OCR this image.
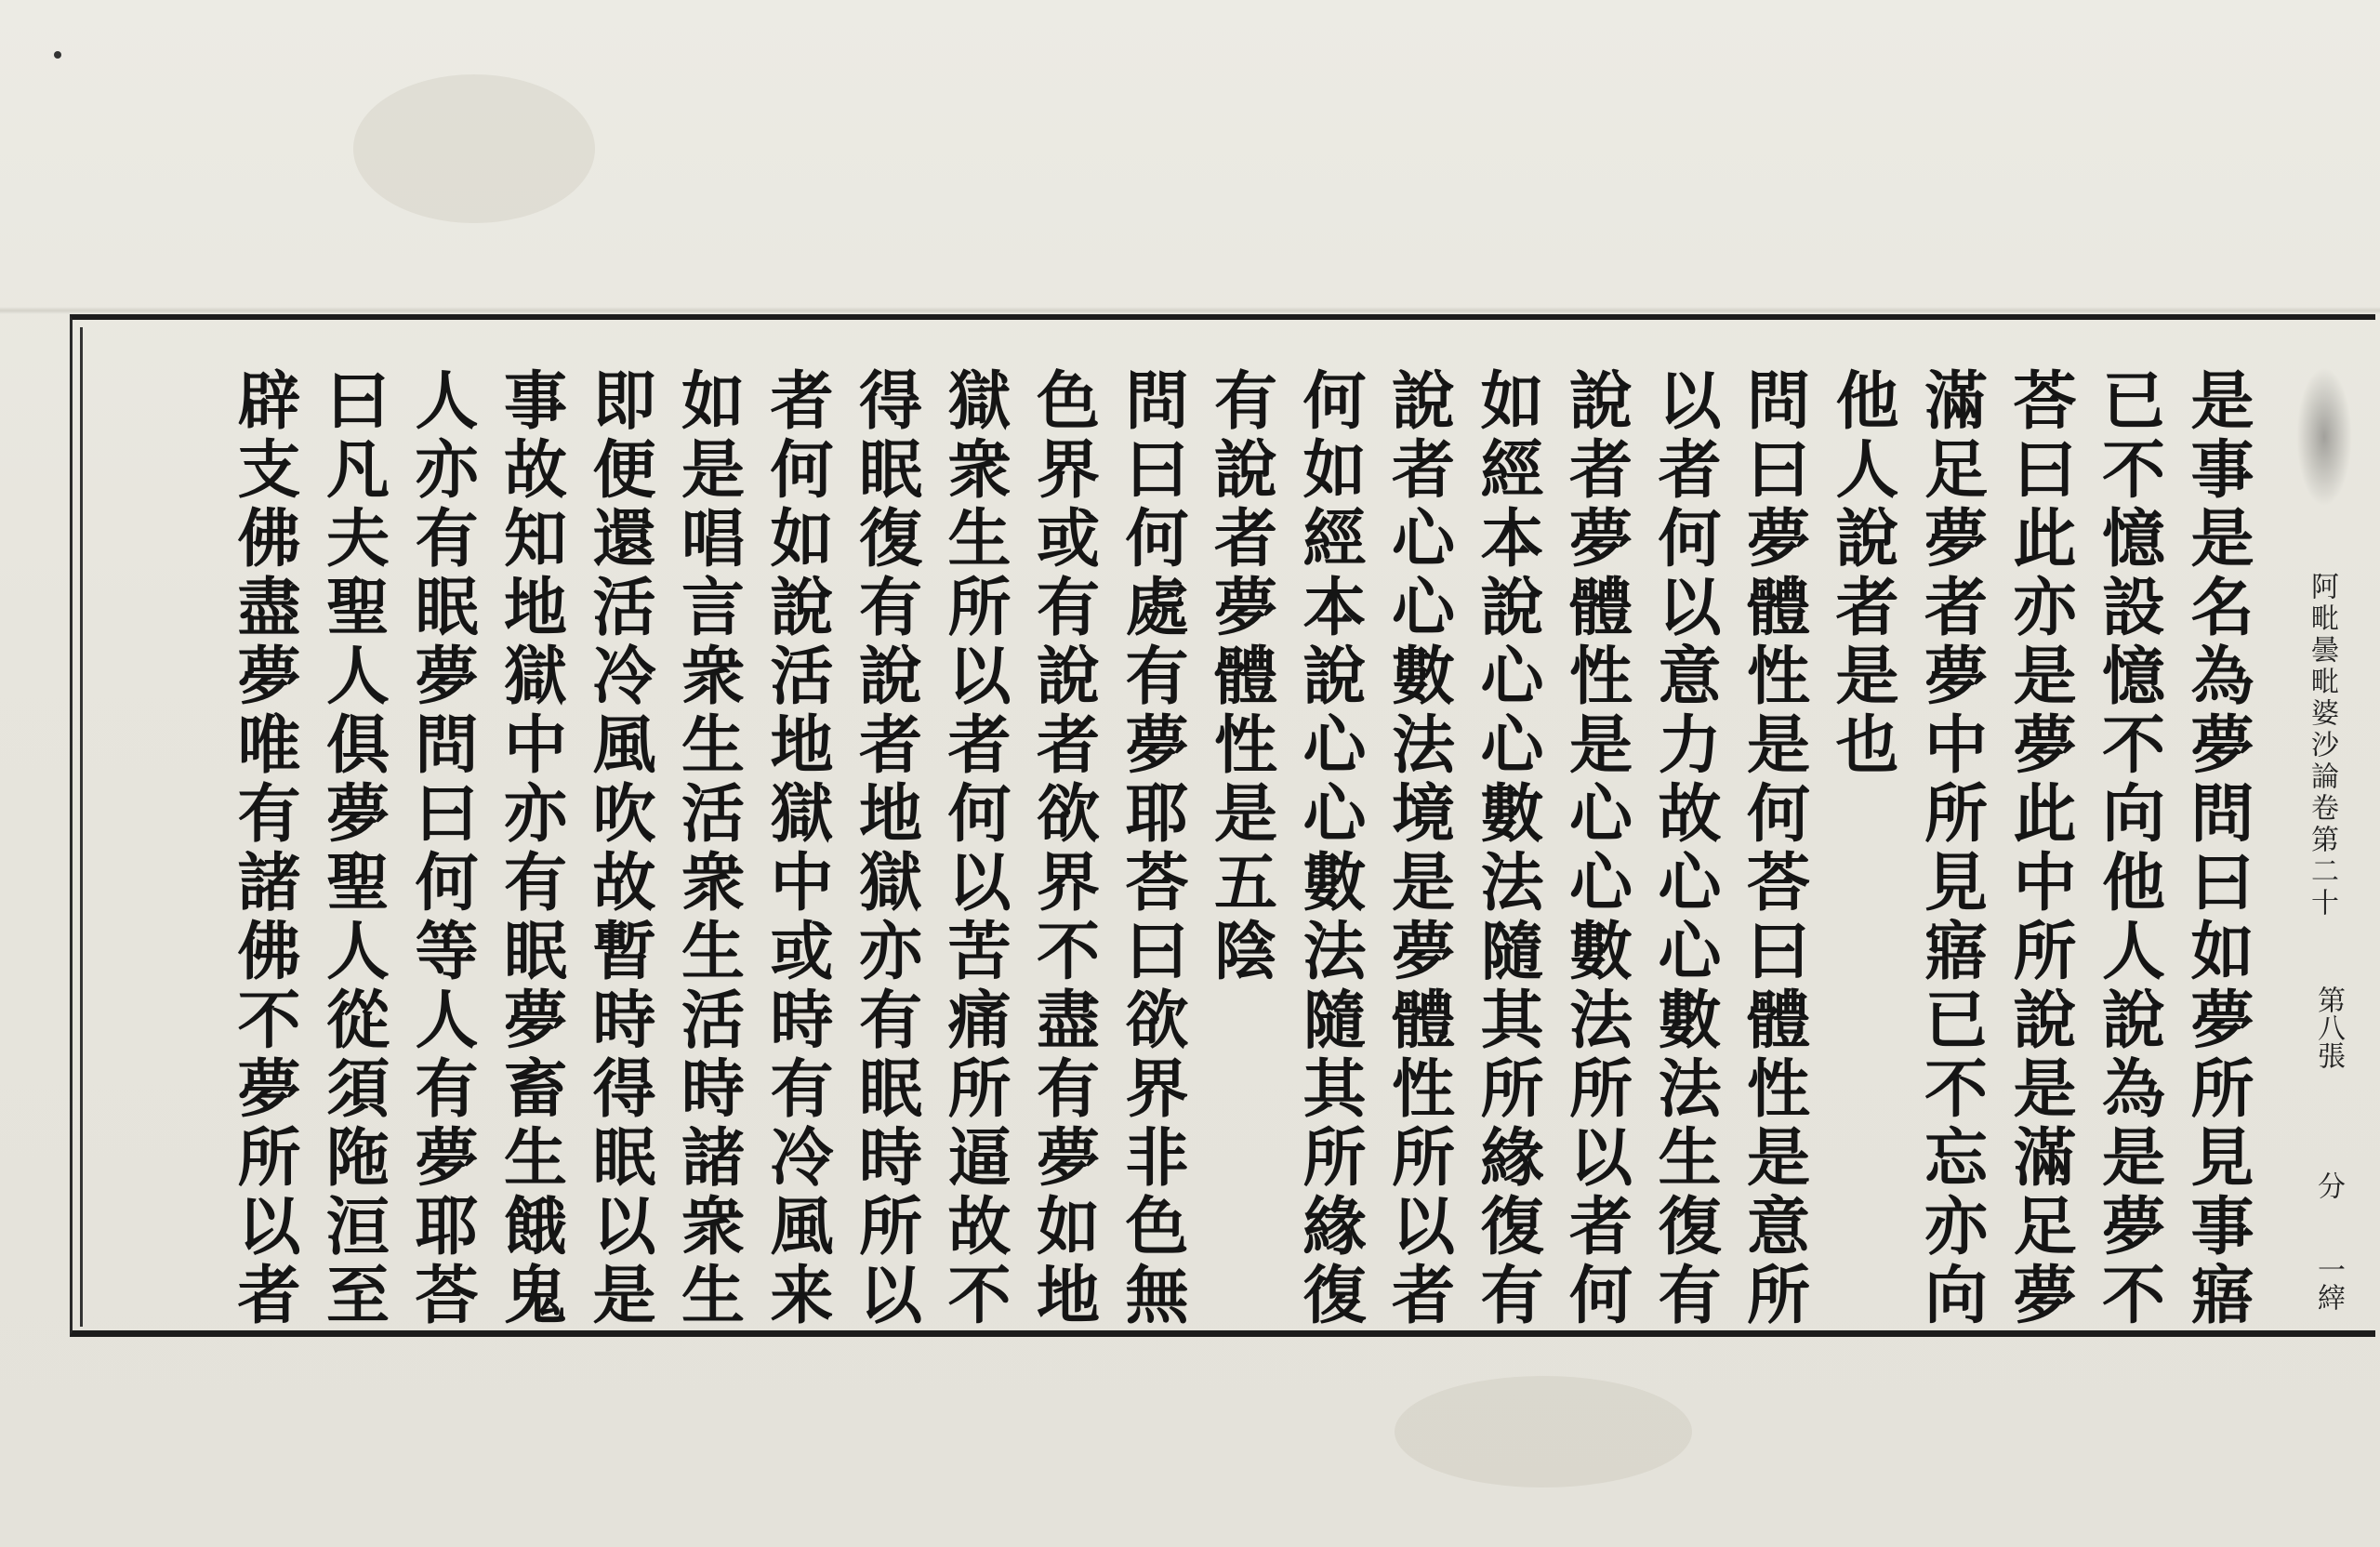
阿毗曇毗婆沙論卷第二十
第八張
分
一縡
是事是名為夢問曰如夢所見事寤
已不憶設憶不向他人說為是夢不
荅曰此亦是夢此中所說是滿足夢
滿足夢者夢中所見寤已不忘亦向
他人說者是也
問曰夢體性是何荅曰體性是意所
以者何以意力故心心數法生復有
說者夢體性是心心數法所以者何
如經本說心心數法隨其所緣復有
說者心心數法境是夢體性所以者
何如經本說心心數法隨其所緣復
有說者夢體性是五陰
問曰何處有夢耶荅曰欲界非色無
色界或有說者欲界不盡有夢如地
獄衆生所以者何以苦痛所逼故不
得眠復有說者地獄亦有眠時所以
者何如說活地獄中或時有冷風来
如是唱言衆生活衆生活時諸衆生
即便還活冷風吹故暫時得眠以是
事故知地獄中亦有眠夢畜生餓鬼
人亦有眠夢問曰何等人有夢耶荅
曰凡夫聖人俱夢聖人從須陁洹至
辟支佛盡夢唯有諸佛不夢所以者
